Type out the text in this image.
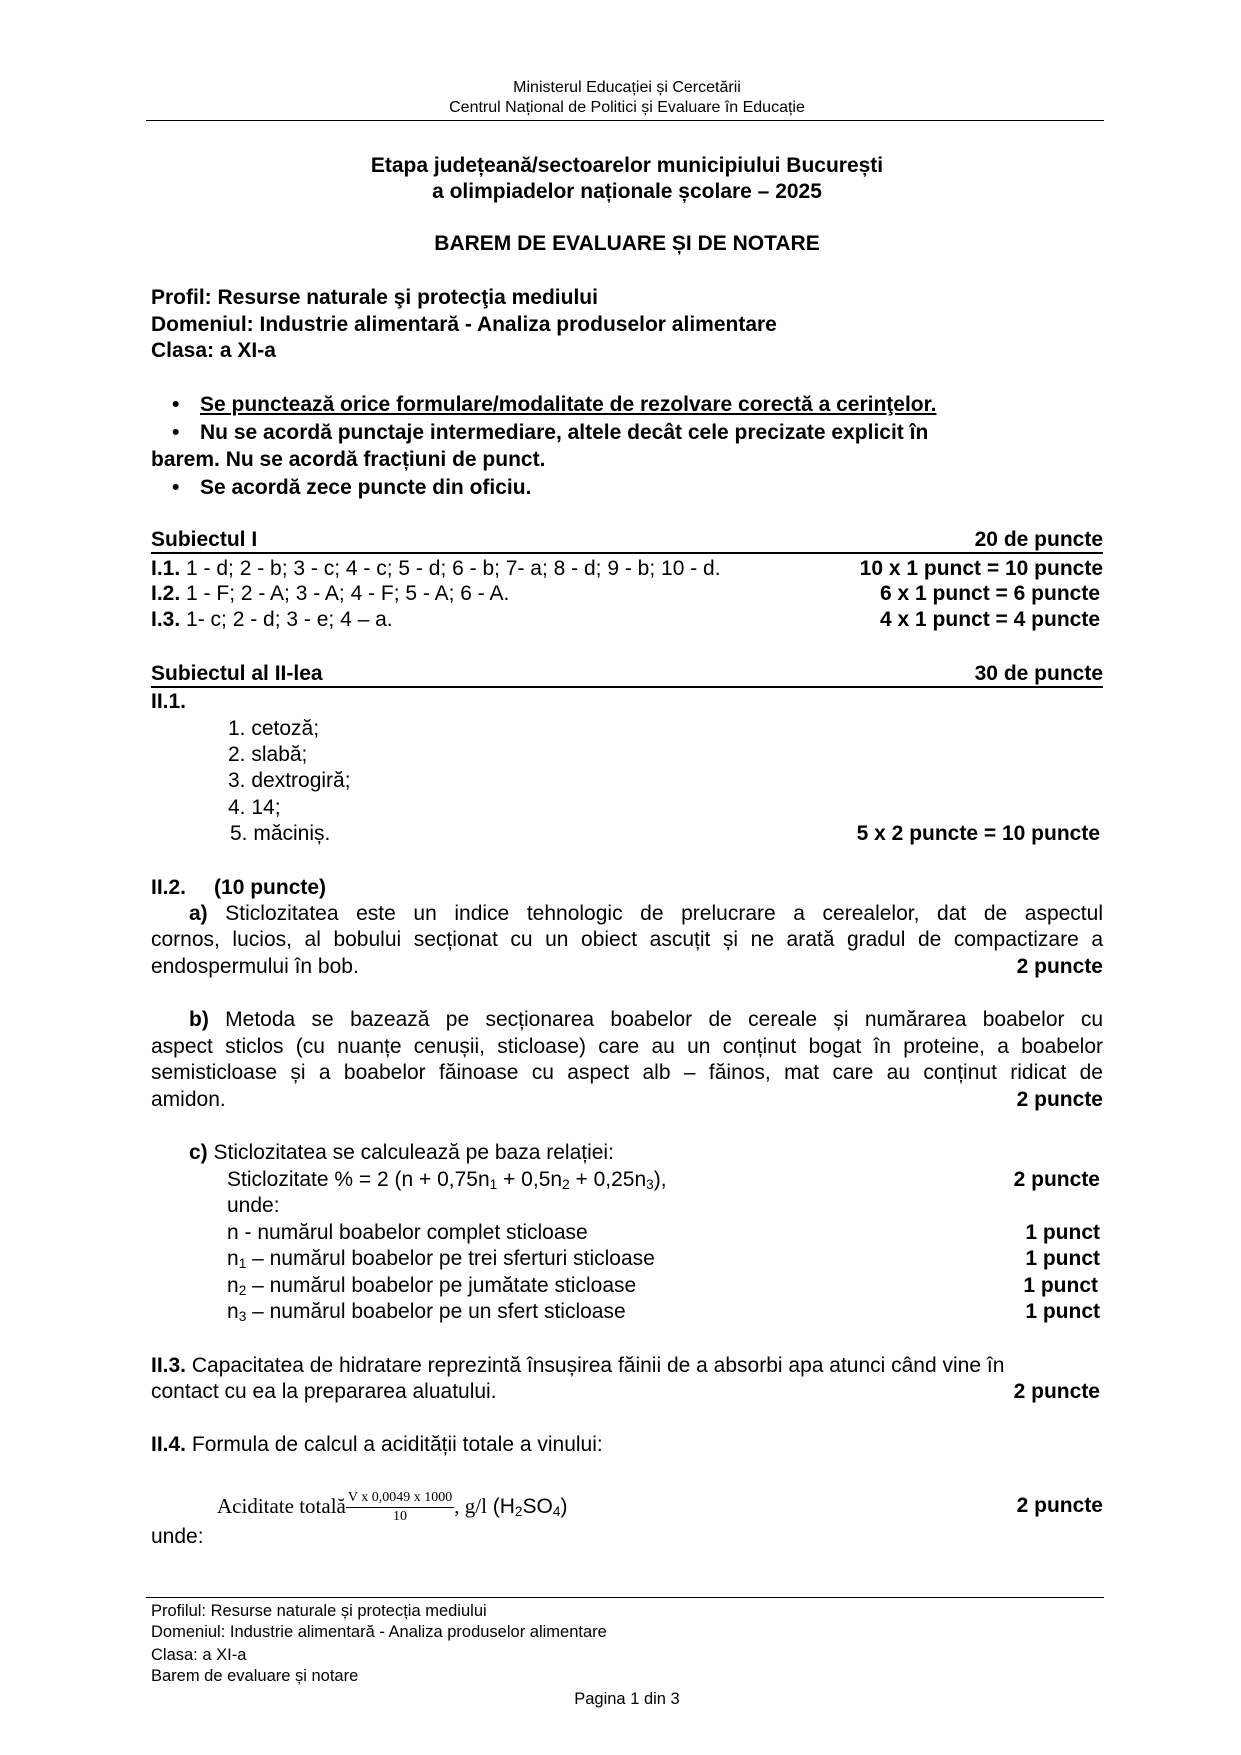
Ministerul Educației și Cercetării
Centrul Național de Politici și Evaluare în Educație
Etapa județeană/sectoarelor municipiului București
a olimpiadelor naționale școlare – 2025
BAREM DE EVALUARE ȘI DE NOTARE
Profil: Resurse naturale şi protecţia mediului
Domeniul: Industrie alimentară - Analiza produselor alimentare
Clasa: a XI-a
• Se punctează orice formulare/modalitate de rezolvare corectă a cerinţelor.
• Nu se acordă punctaje intermediare, altele decât cele precizate explicit în
barem. Nu se acordă fracțiuni de punct.
• Se acordă zece puncte din oficiu.
Subiectul I	20 de puncte
I.1. 1 - d; 2 - b; 3 - c; 4 - c; 5 - d; 6 - b; 7- a; 8 - d; 9 - b; 10 - d.	10 x 1 punct = 10 puncte
I.2. 1 - F; 2 - A; 3 - A; 4 - F; 5 - A; 6 - A.	6 x 1 punct = 6 puncte
I.3. 1- c; 2 - d; 3 - e; 4 – a.	4 x 1 punct = 4 puncte
Subiectul al II-lea	30 de puncte
II.1.
1. cetoză;
2. slabă;
3. dextrogiră;
4. 14;
5. măciniș.	5 x 2 puncte = 10 puncte
II.2. (10 puncte)
a) Sticlozitatea este un indice tehnologic de prelucrare a cerealelor, dat de aspectul
cornos, lucios, al bobului secționat cu un obiect ascuțit și ne arată gradul de compactizare a
endospermului în bob.	2 puncte
b) Metoda se bazează pe secționarea boabelor de cereale și numărarea boabelor cu
aspect sticlos (cu nuanțe cenușii, sticloase) care au un conținut bogat în proteine, a boabelor
semisticloase și a boabelor făinoase cu aspect alb – făinos, mat care au conținut ridicat de
amidon.	2 puncte
c) Sticlozitatea se calculează pe baza relației:
Sticlozitate % = 2 $(n + 0,75n_1 + 0,5n_2 + 0,25n_3)$,	2 puncte
unde:
n - numărul boabelor complet sticloase	1 punct
$n_1$ – numărul boabelor pe trei sferturi sticloase	1 punct
$n_2$ – numărul boabelor pe jumătate sticloase	1 punct
$n_3$ – numărul boabelor pe un sfert sticloase	1 punct
II.3. Capacitatea de hidratare reprezintă însușirea făinii de a absorbi apa atunci când vine în
contact cu ea la prepararea aluatului.	2 puncte
II.4. Formula de calcul a acidității totale a vinului:
Aciditate totală $\frac{\text{V x 0,0049 x 1000}}{10}$ , g/l $(H_2SO_4)$	2 puncte
unde:
Profilul: Resurse naturale și protecția mediului
Domeniul: Industrie alimentară - Analiza produselor alimentare
Clasa: a XI-a
Barem de evaluare și notare
Pagina 1 din 3
